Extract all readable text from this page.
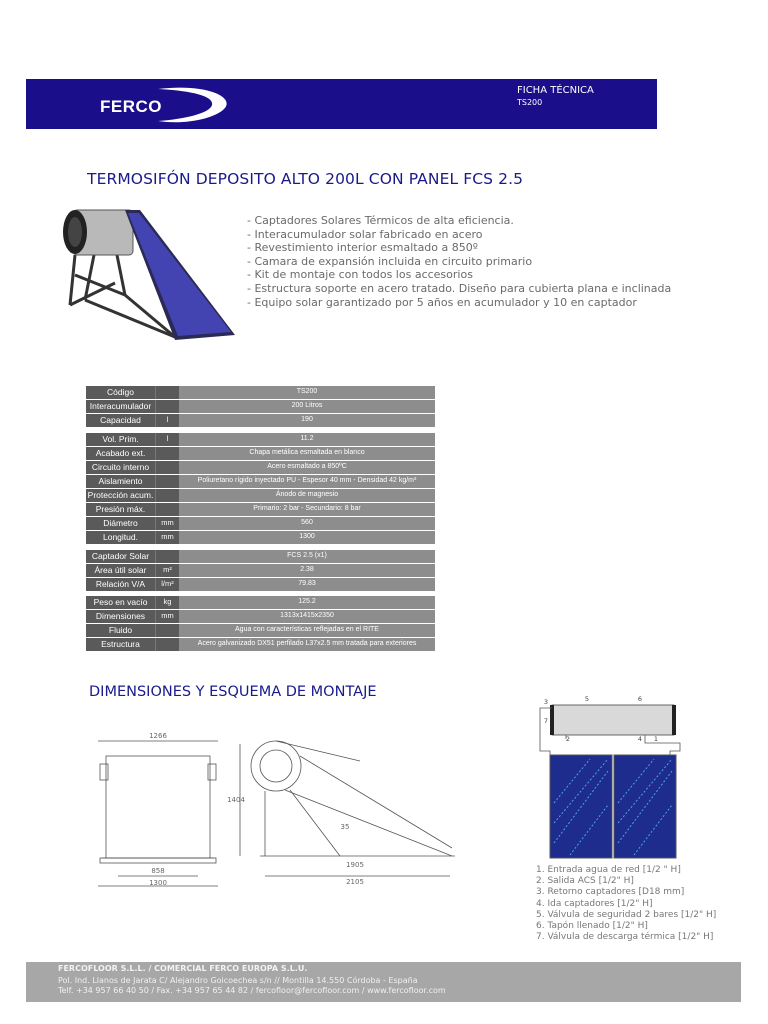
FERCO
FICHA TÉCNICA
TS200
TERMOSIFÓN DEPOSITO ALTO 200L CON PANEL FCS 2.5
- Captadores Solares Térmicos de alta eficiencia.
- Interacumulador solar fabricado en acero
- Revestimiento interior esmaltado a 850º
- Camara de expansión incluida en circuito primario
- Kit de montaje con todos los accesorios
- Estructura soporte en acero tratado. Diseño para cubierta plana e inclinada
- Equipo solar garantizado por 5 años en acumulador y 10 en captador
Código	TS200
Interacumulador	200 Litros
Capacidad	l	190
Vol. Prim.	l	11.2
Acabado ext.	Chapa metálica esmaltada en blanco
Circuito interno	Acero esmaltado a 850ºC
Aislamiento	Poliuretano rígido inyectado PU - Espesor 40 mm - Densidad 42 kg/m³
Protección acum.	Ánodo de magnesio
Presión máx.	Primario: 2 bar - Secundario: 8 bar
Diámetro	mm	560
Longitud.	mm	1300
Captador Solar	FCS 2.5 (x1)
Área útil solar	m²	2.38
Relación V/A	l/m²	79.83
Peso en vacío	kg	125.2
Dimensiones	mm	1313x1415x2350
Fluido	Agua con características reflejadas en el RITE
Estructura	Acero galvanizado DX51 perfilado L37x2.5 mm tratada para exteriores
DIMENSIONES Y ESQUEMA DE MONTAJE
1266
858
1300
1404
35
1905
2105
3	5	6
7
2	4 1
1. Entrada agua de red [1/2 " H]
2. Salida ACS [1/2" H]
3. Retorno captadores [D18 mm]
4. Ida captadores [1/2" H]
5. Válvula de seguridad 2 bares [1/2" H]
6. Tapón llenado [1/2" H]
7. Válvula de descarga térmica [1/2" H]
FERCOFLOOR S.L.L. / COMERCIAL FERCO EUROPA S.L.U.
Pol. Ind. Llanos de Jarata C/ Alejandro Goicoechea s/n // Montilla 14.550 Córdoba - España
Telf. +34 957 66 40 50 / Fax. +34 957 65 44 82 / fercofloor@fercofloor.com / www.fercofloor.com
